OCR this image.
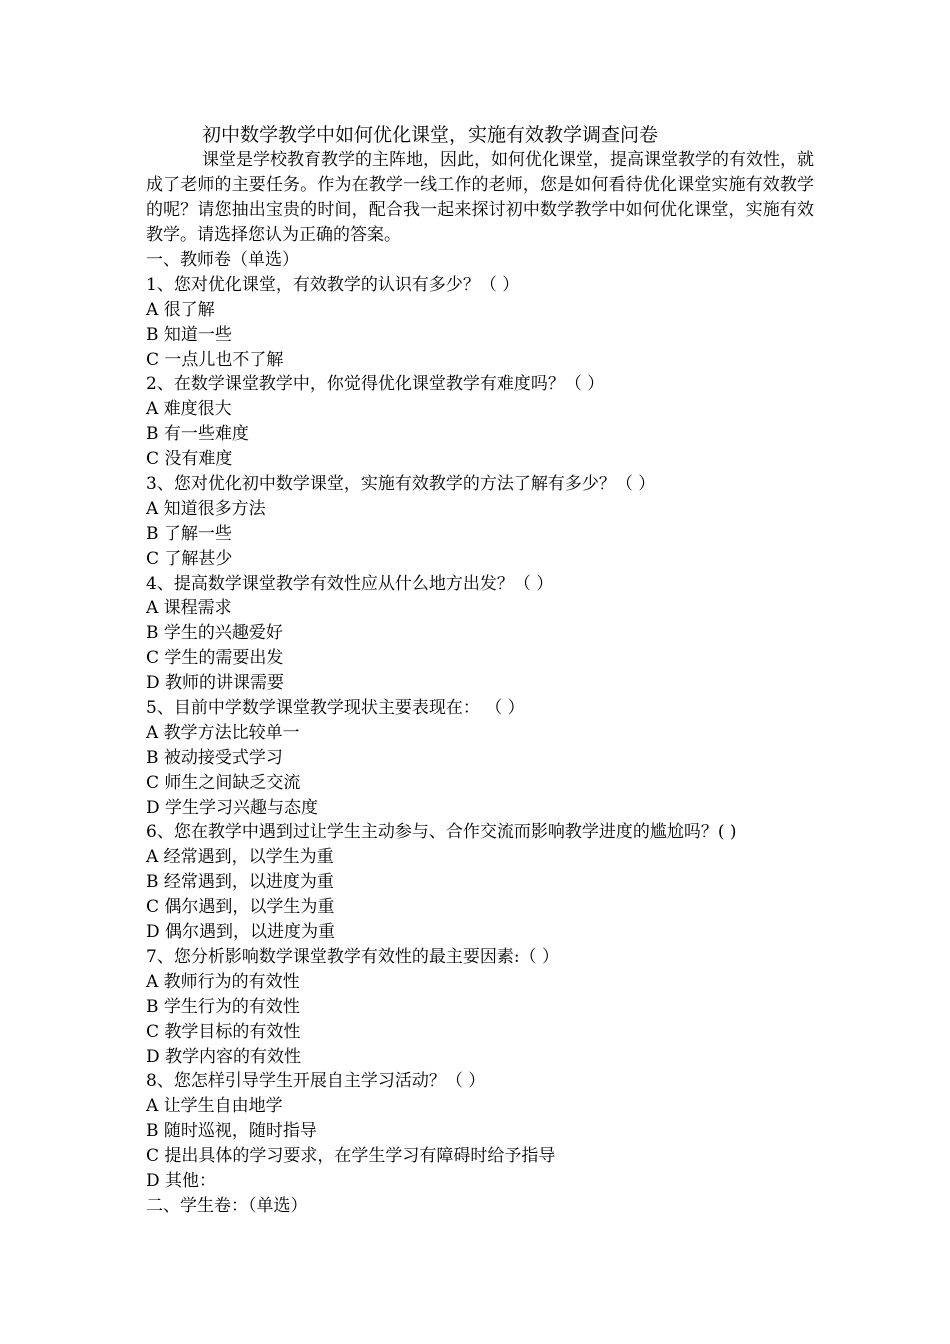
初中数学教学中如何优化课堂，实施有效教学调查问卷

课堂是学校教育教学的主阵地，因此，如何优化课堂，提高课堂教学的有效性，就成了老师的主要任务。作为在教学一线工作的老师，您是如何看待优化课堂实施有效教学的呢？请您抽出宝贵的时间，配合我一起来探讨初中数学教学中如何优化课堂，实施有效教学。请选择您认为正确的答案。

一、教师卷（单选）

1、您对优化课堂，有效教学的认识有多少？（ ）

A 很了解

B 知道一些

C 一点儿也不了解

2、在数学课堂教学中，你觉得优化课堂教学有难度吗？（ ）

A 难度很大

B 有一些难度

C 没有难度

3、您对优化初中数学课堂，实施有效教学的方法了解有多少？（ ）

A 知道很多方法

B 了解一些

C 了解甚少

4、提高数学课堂教学有效性应从什么地方出发？（ ）

A 课程需求

B 学生的兴趣爱好

C 学生的需要出发

D 教师的讲课需要

5、目前中学数学课堂教学现状主要表现在： （ ）

A 教学方法比较单一

B 被动接受式学习

C 师生之间缺乏交流

D 学生学习兴趣与态度

6、您在教学中遇到过让学生主动参与、合作交流而影响教学进度的尴尬吗？( )

A 经常遇到，以学生为重

B 经常遇到，以进度为重

C 偶尔遇到，以学生为重

D 偶尔遇到，以进度为重

7、您分析影响数学课堂教学有效性的最主要因素:（ ）

A 教师行为的有效性

B 学生行为的有效性

C 教学目标的有效性

D 教学内容的有效性

8、您怎样引导学生开展自主学习活动？（ ）

A 让学生自由地学

B 随时巡视，随时指导

C 提出具体的学习要求，在学生学习有障碍时给予指导

D 其他：

二、学生卷：（单选）
